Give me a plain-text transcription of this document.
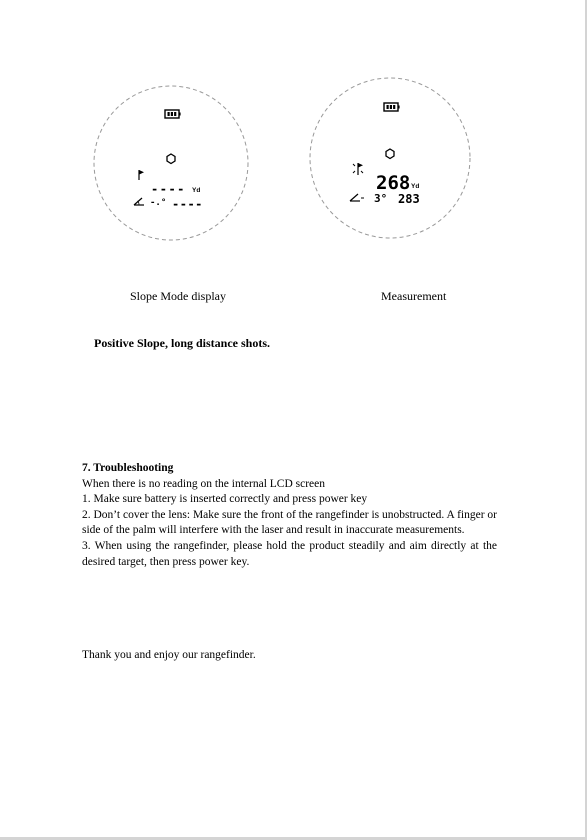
---- Yd
-.° ----
268 Yd
3° 283
Slope Mode display	Measurement
Positive Slope, long distance shots.

7. Troubleshooting

When there is no reading on the internal LCD screen

1. Make sure battery is inserted correctly and press power key

2. Don’t cover the lens: Make sure the front of the rangefinder is unobstructed. A finger or side of the palm will interfere with the laser and result in inaccurate measurements.

3. When using the rangefinder, please hold the product steadily and aim directly at the desired target, then press power key.

Thank you and enjoy our rangefinder.
